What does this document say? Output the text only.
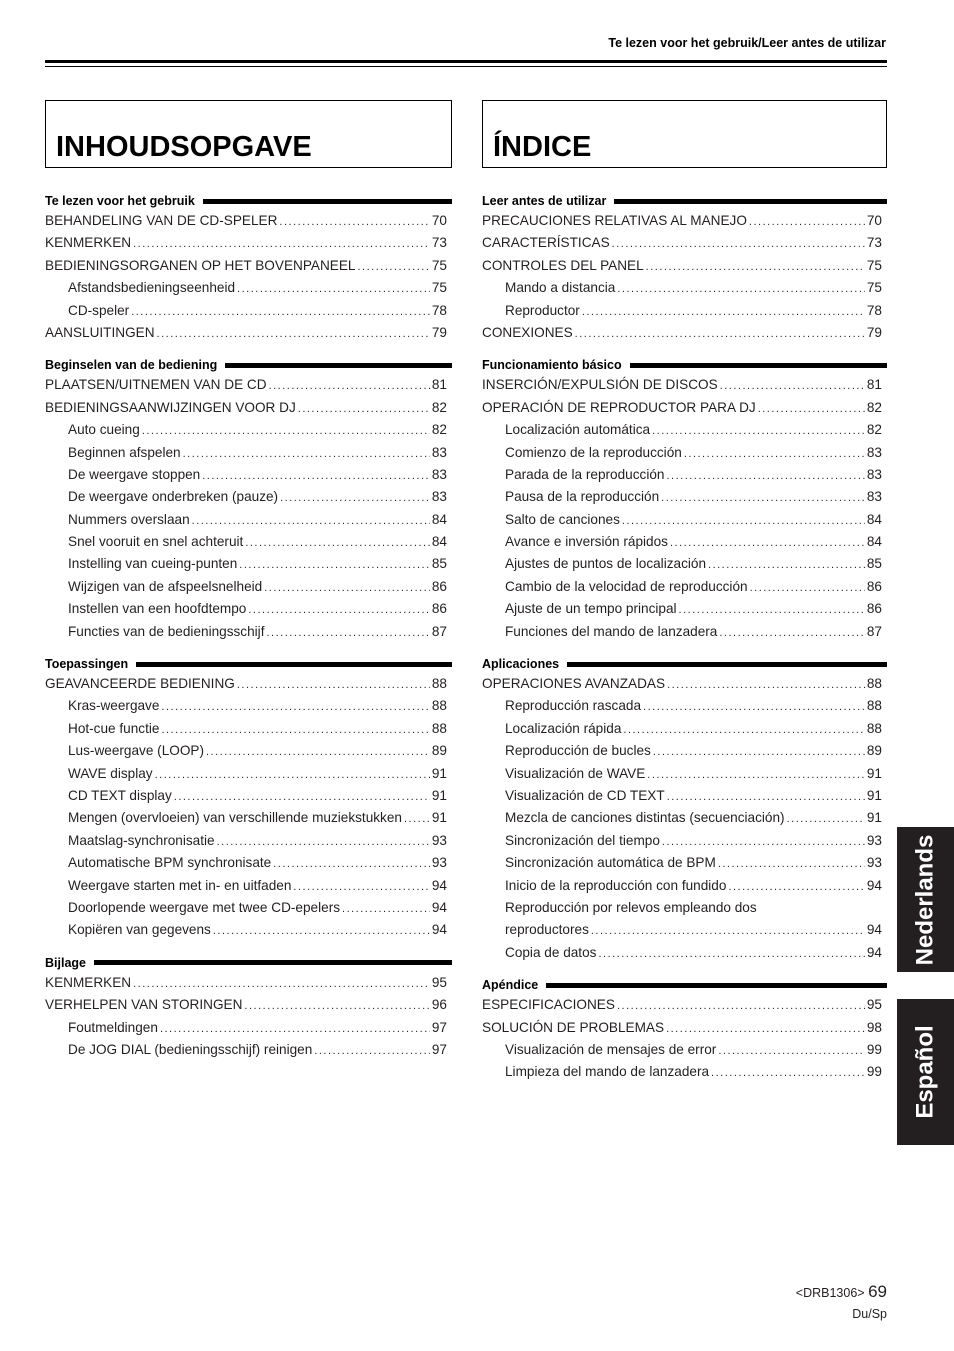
Te lezen voor het gebruik/Leer antes de utilizar
INHOUDSOPGAVE
Te lezen voor het gebruik
BEHANDELING VAN DE CD-SPELER .....	70
KENMERKEN .....	73
BEDIENINGSORGANEN OP HET BOVENPANEEL .....	75
Afstandsbedieningseenheid .....	75
CD-speler .....	78
AANSLUITINGEN .....	79
Beginselen van de bediening
PLAATSEN/UITNEMEN VAN DE CD .....	81
BEDIENINGSAANWIJZINGEN VOOR DJ .....	82
Auto cueing .....	82
Beginnen afspelen .....	83
De weergave stoppen .....	83
De weergave onderbreken (pauze) .....	83
Nummers overslaan .....	84
Snel vooruit en snel achteruit .....	84
Instelling van cueing-punten .....	85
Wijzigen van de afspeelsnelheid .....	86
Instellen van een hoofdtempo .....	86
Functies van de bedieningsschijf .....	87
Toepassingen
GEAVANCEERDE BEDIENING .....	88
Kras-weergave .....	88
Hot-cue functie .....	88
Lus-weergave (LOOP) .....	89
WAVE display .....	91
CD TEXT display .....	91
Mengen (overvloeien) van verschillende muziekstukken ..... 91
Maatslag-synchronisatie .....	93
Automatische BPM synchronisate .....	93
Weergave starten met in- en uitfaden .....	94
Doorlopende weergave met twee CD-epelers .....	94
Kopiëren van gegevens .....	94
Bijlage
KENMERKEN .....	95
VERHELPEN VAN STORINGEN .....	96
Foutmeldingen .....	97
De JOG DIAL (bedieningsschijf) reinigen .....	97
ÍNDICE
Leer antes de utilizar
PRECAUCIONES RELATIVAS AL MANEJO .....	70
CARACTERÍSTICAS .....	73
CONTROLES DEL PANEL .....	75
Mando a distancia .....	75
Reproductor .....	78
CONEXIONES .....	79
Funcionamiento básico
INSERCIÓN/EXPULSIÓN DE DISCOS .....	81
OPERACIÓN DE REPRODUCTOR PARA DJ .....	82
Localización automática .....	82
Comienzo de la reproducción .....	83
Parada de la reproducción .....	83
Pausa de la reproducción .....	83
Salto de canciones .....	84
Avance e inversión rápidos .....	84
Ajustes de puntos de localización .....	85
Cambio de la velocidad de reproducción .....	86
Ajuste de un tempo principal .....	86
Funciones del mando de lanzadera .....	87
Aplicaciones
OPERACIONES AVANZADAS .....	88
Reproducción rascada .....	88
Localización rápida .....	88
Reproducción de bucles .....	89
Visualización de WAVE .....	91
Visualización de CD TEXT .....	91
Mezcla de canciones distintas (secuenciación) .....	91
Sincronización del tiempo .....	93
Sincronización automática de BPM .....	93
Inicio de la reproducción con fundido .....	94
Reproducción por relevos empleando dos
reproductores .....	94
Copia de datos .....	94
Apéndice
ESPECIFICACIONES .....	95
SOLUCIÓN DE PROBLEMAS .....	98
Visualización de mensajes de error .....	99
Limpieza del mando de lanzadera .....	99
Nederlands
Español
<DRB1306> 69
Du/Sp
